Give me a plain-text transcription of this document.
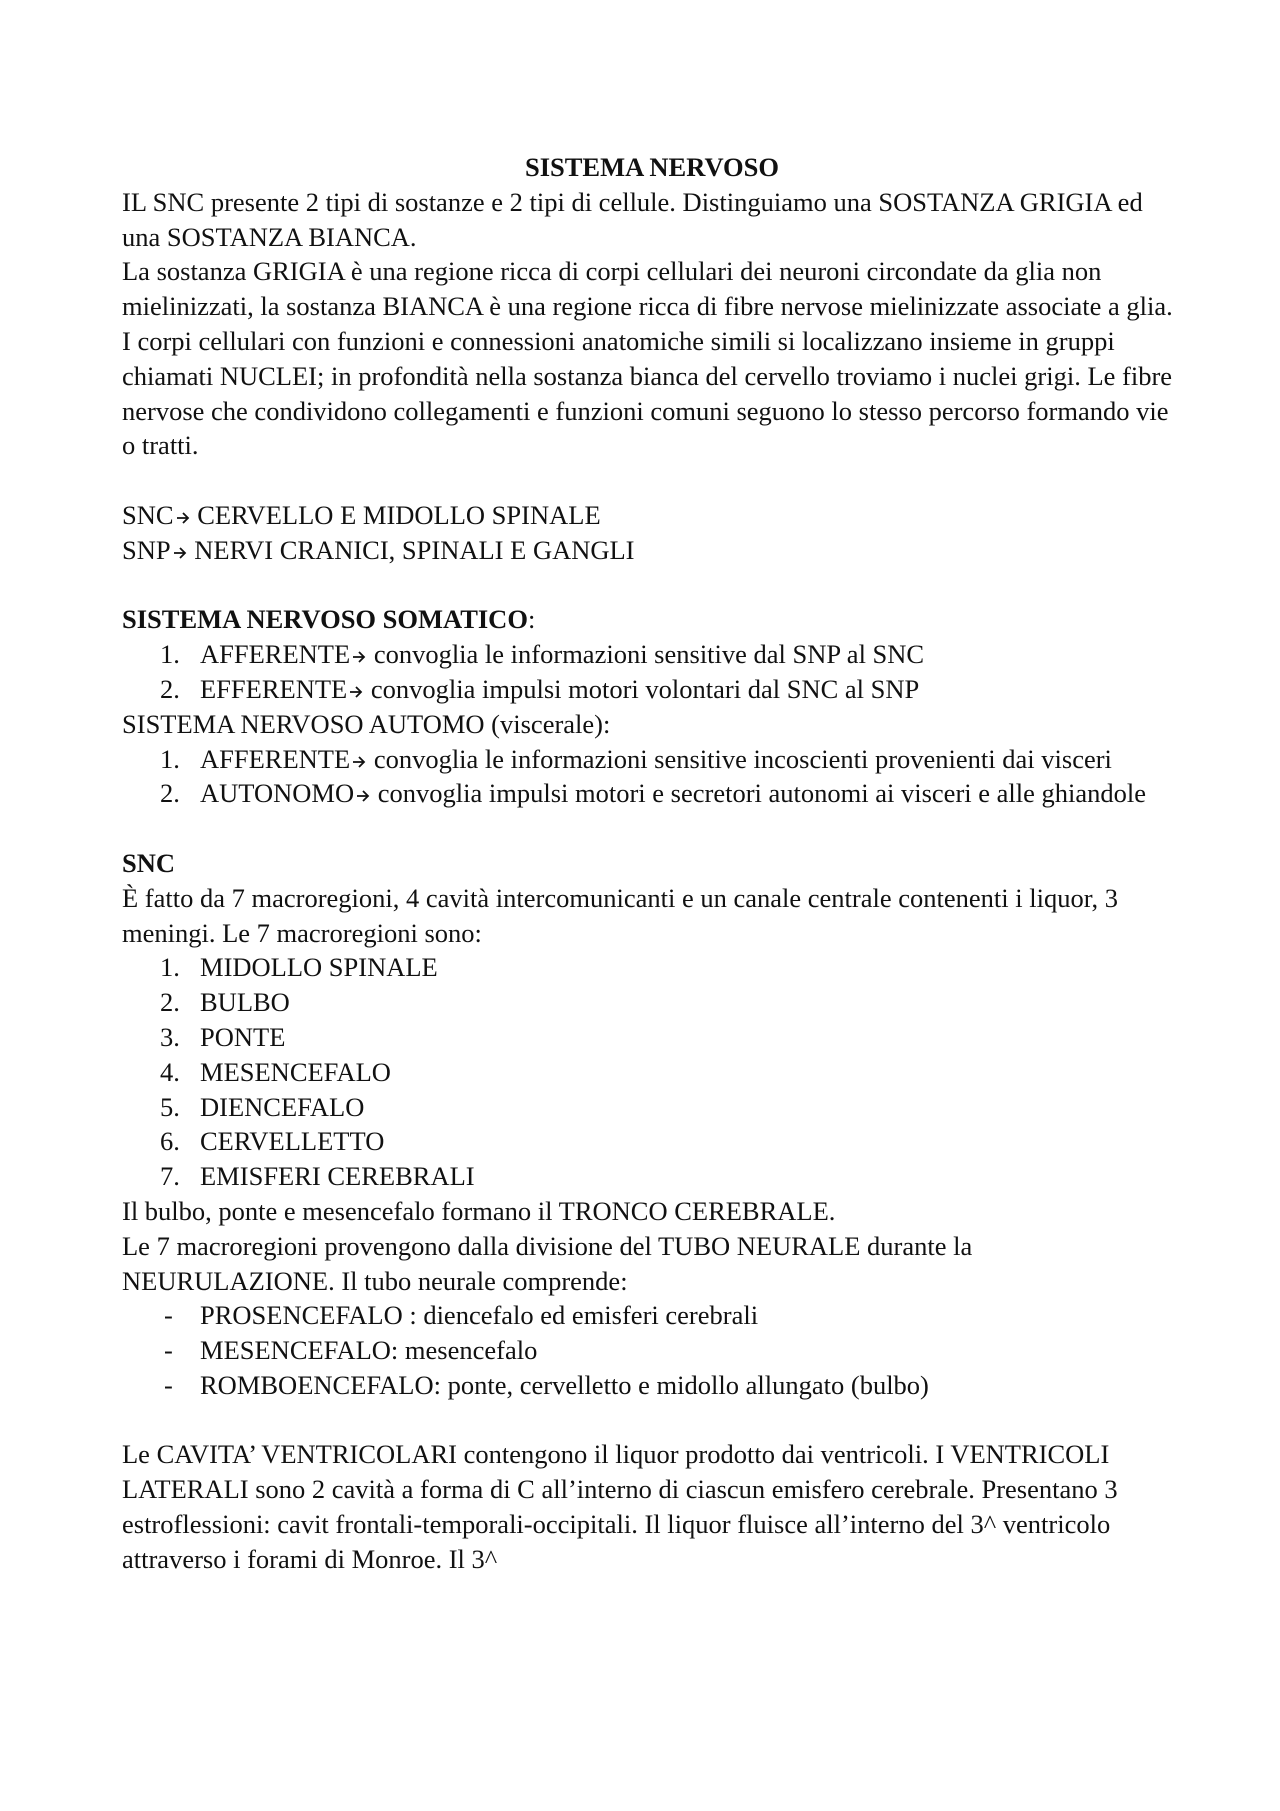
SISTEMA NERVOSO

IL SNC presente 2 tipi di sostanze e 2 tipi di cellule. Distinguiamo una SOSTANZA GRIGIA ed una SOSTANZA BIANCA.

La sostanza GRIGIA è una regione ricca di corpi cellulari dei neuroni circondate da glia non mielinizzati, la sostanza BIANCA è una regione ricca di fibre nervose mielinizzate associate a glia.

I corpi cellulari con funzioni e connessioni anatomiche simili si localizzano insieme in gruppi chiamati NUCLEI; in profondità nella sostanza bianca del cervello troviamo i nuclei grigi. Le fibre nervose che condividono collegamenti e funzioni comuni seguono lo stesso percorso formando vie o tratti.

SNC CERVELLO E MIDOLLO SPINALE

SNP NERVI CRANICI, SPINALI E GANGLI

SISTEMA NERVOSO SOMATICO:

1. AFFERENTE convoglia le informazioni sensitive dal SNP al SNC
2. EFFERENTE convoglia impulsi motori volontari dal SNC al SNP

SISTEMA NERVOSO AUTOMO (viscerale):

1. AFFERENTE convoglia le informazioni sensitive incoscienti provenienti dai visceri
2. AUTONOMO convoglia impulsi motori e secretori autonomi ai visceri e alle ghiandole

SNC

È fatto da 7 macroregioni, 4 cavità intercomunicanti e un canale centrale contenenti i liquor, 3 meningi. Le 7 macroregioni sono:

1. MIDOLLO SPINALE
2. BULBO
3. PONTE
4. MESENCEFALO
5. DIENCEFALO
6. CERVELLETTO
7. EMISFERI CEREBRALI

Il bulbo, ponte e mesencefalo formano il TRONCO CEREBRALE.

Le 7 macroregioni provengono dalla divisione del TUBO NEURALE durante la NEURULAZIONE. Il tubo neurale comprende:

- PROSENCEFALO : diencefalo ed emisferi cerebrali
- MESENCEFALO: mesencefalo
- ROMBOENCEFALO: ponte, cervelletto e midollo allungato (bulbo)

Le CAVITA’ VENTRICOLARI contengono il liquor prodotto dai ventricoli. I VENTRICOLI LATERALI sono 2 cavità a forma di C all’interno di ciascun emisfero cerebrale. Presentano 3 estroflessioni: cavit frontali-temporali-occipitali. Il liquor fluisce all’interno del 3^ ventricolo attraverso i forami di Monroe. Il 3^
